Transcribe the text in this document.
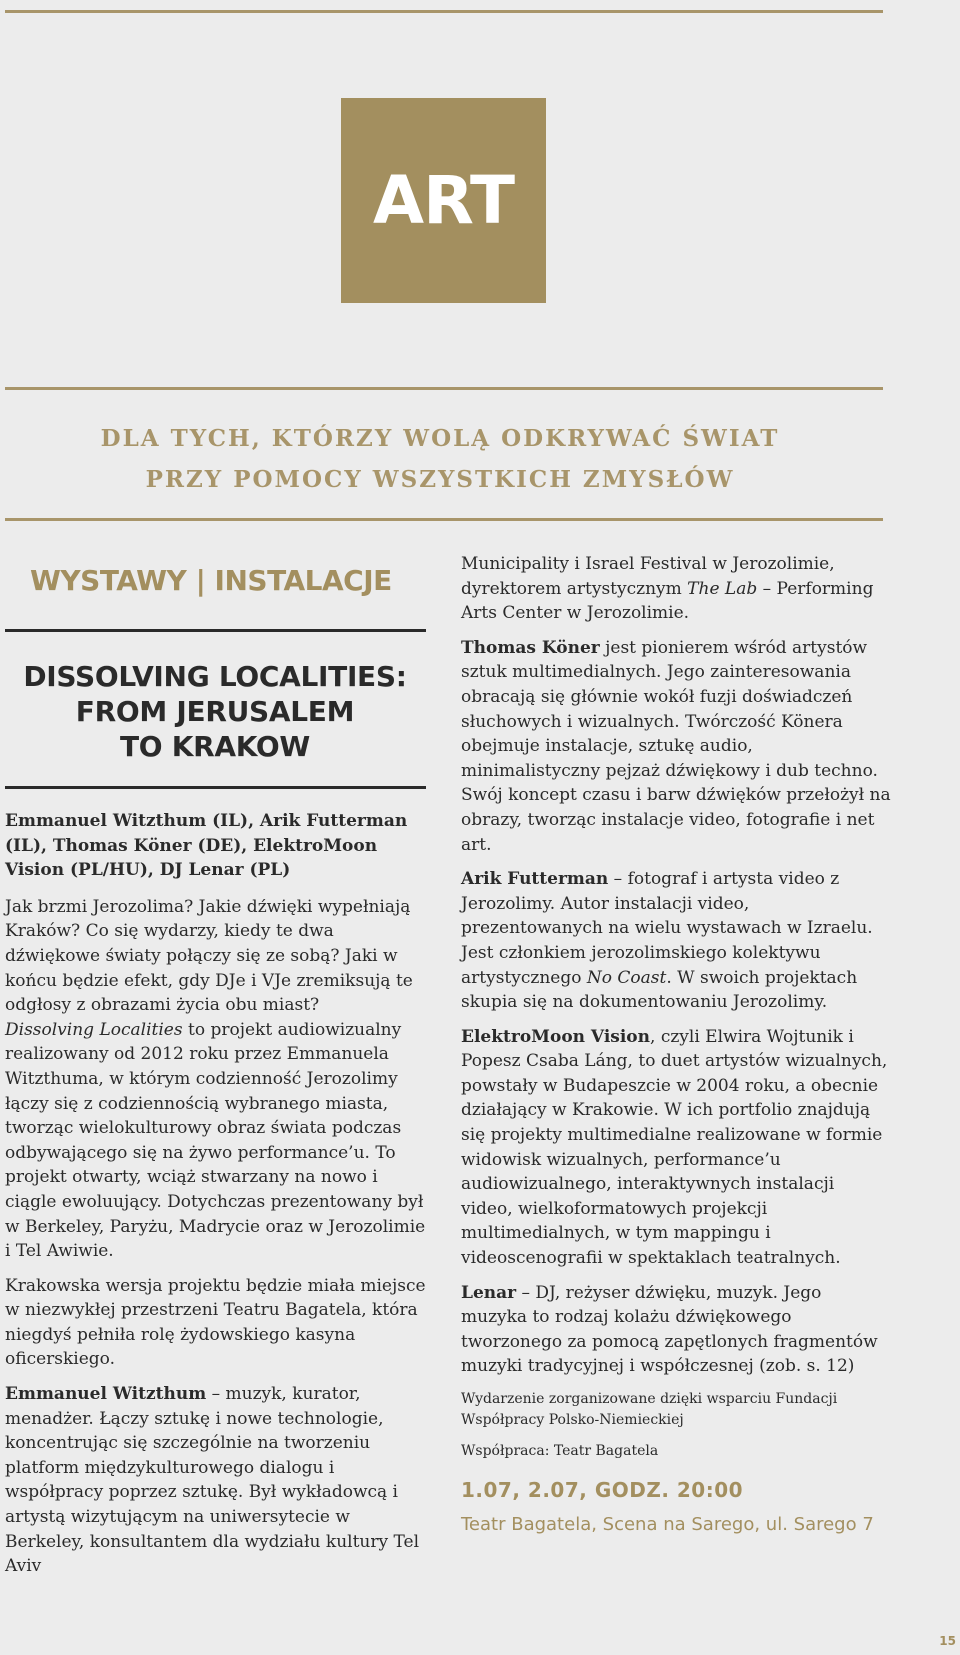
ART
DLA TYCH, KTÓRZY WOLĄ ODKRYWAĆ ŚWIAT
PRZY POMOCY WSZYSTKICH ZMYSŁÓW
WYSTAWY | INSTALACJE
DISSOLVING LOCALITIES:
FROM JERUSALEM
TO KRAKOW

Emmanuel Witzthum (IL), Arik Futterman (IL), Thomas Köner (DE), ElektroMoon Vision (PL/HU), DJ Lenar (PL)

Jak brzmi Jerozolima? Jakie dźwięki wypełniają Kraków? Co się wydarzy, kiedy te dwa dźwiękowe światy połączy się ze sobą? Jaki w końcu będzie efekt, gdy DJe i VJe zremiksują te odgłosy z obrazami życia obu miast?

Dissolving Localities to projekt audiowizualny realizowany od 2012 roku przez Emmanuela Witzthuma, w którym codzienność Jerozolimy łączy się z codziennością wybranego miasta, tworząc wielokulturowy obraz świata podczas odbywającego się na żywo performance’u. To projekt otwarty, wciąż stwarzany na nowo i ciągle ewoluujący. Dotychczas prezentowany był w Berkeley, Paryżu, Madrycie oraz w Jerozolimie i Tel Awiwie.

Krakowska wersja projektu będzie miała miejsce w niezwykłej przestrzeni Teatru Bagatela, która niegdyś pełniła rolę żydowskiego kasyna oficerskiego.

Emmanuel Witzthum – muzyk, kurator, menadżer. Łączy sztukę i nowe technologie, koncentrując się szczególnie na tworzeniu platform międzykulturowego dialogu i współpracy poprzez sztukę. Był wykładowcą i artystą wizytującym na uniwersytecie w Berkeley, konsultantem dla wydziału kultury Tel Aviv

Municipality i Israel Festival w Jerozolimie, dyrektorem artystycznym The Lab – Performing Arts Center w Jerozolimie.

Thomas Köner jest pionierem wśród artystów sztuk multimedialnych. Jego zainteresowania obracają się głównie wokół fuzji doświadczeń słuchowych i wizualnych. Twórczość Könera obejmuje instalacje, sztukę audio, minimalistyczny pejzaż dźwiękowy i dub techno. Swój koncept czasu i barw dźwięków przełożył na obrazy, tworząc instalacje video, fotografie i net art.

Arik Futterman – fotograf i artysta video z Jerozolimy. Autor instalacji video, prezentowanych na wielu wystawach w Izraelu. Jest członkiem jerozolimskiego kolektywu artystycznego No Coast. W swoich projektach skupia się na dokumentowaniu Jerozolimy.

ElektroMoon Vision, czyli Elwira Wojtunik i Popesz Csaba Láng, to duet artystów wizualnych, powstały w Budapeszcie w 2004 roku, a obecnie działający w Krakowie. W ich portfolio znajdują się projekty multimedialne realizowane w formie widowisk wizualnych, performance’u audiowizualnego, interaktywnych instalacji video, wielkoformatowych projekcji multimedialnych, w tym mappingu i videoscenografii w spektaklach teatralnych.

Lenar – DJ, reżyser dźwięku, muzyk. Jego muzyka to rodzaj kolażu dźwiękowego tworzonego za pomocą zapętlonych fragmentów muzyki tradycyjnej i współczesnej (zob. s. 12)

Wydarzenie zorganizowane dzięki wsparciu Fundacji Współpracy Polsko-Niemieckiej

Współpraca: Teatr Bagatela

1.07, 2.07, GODZ. 20:00
Teatr Bagatela, Scena na Sarego, ul. Sarego 7
15
